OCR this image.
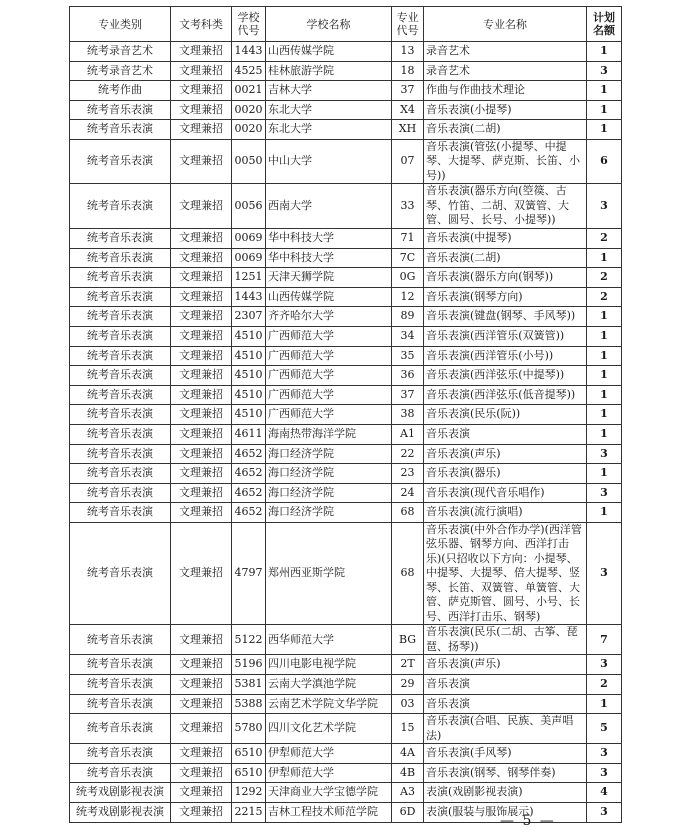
专业类别	文考科类	学校代号	学校名称	专业代号	专业名称	计划名额
统考录音艺术	文理兼招	1443	山西传媒学院	13	录音艺术	1
统考录音艺术	文理兼招	4525	桂林旅游学院	18	录音艺术	3
统考作曲	文理兼招	0021	吉林大学	37	作曲与作曲技术理论	1
统考音乐表演	文理兼招	0020	东北大学	X4	音乐表演(小提琴)	1
统考音乐表演	文理兼招	0020	东北大学	XH	音乐表演(二胡)	1
统考音乐表演	文理兼招	0050	中山大学	07	音乐表演(管弦(小提琴、中提琴、大提琴、萨克斯、长笛、小号))	6
统考音乐表演	文理兼招	0056	西南大学	33	音乐表演(器乐方向(箜篌、古琴、竹笛、二胡、双簧管、大管、圆号、长号、小提琴))	3
统考音乐表演	文理兼招	0069	华中科技大学	71	音乐表演(中提琴)	2
统考音乐表演	文理兼招	0069	华中科技大学	7C	音乐表演(二胡)	1
统考音乐表演	文理兼招	1251	天津天狮学院	0G	音乐表演(器乐方向(钢琴))	2
统考音乐表演	文理兼招	1443	山西传媒学院	12	音乐表演(钢琴方向)	2
统考音乐表演	文理兼招	2307	齐齐哈尔大学	89	音乐表演(键盘(钢琴、手风琴))	1
统考音乐表演	文理兼招	4510	广西师范大学	34	音乐表演(西洋管乐(双簧管))	1
统考音乐表演	文理兼招	4510	广西师范大学	35	音乐表演(西洋管乐(小号))	1
统考音乐表演	文理兼招	4510	广西师范大学	36	音乐表演(西洋弦乐(中提琴))	1
统考音乐表演	文理兼招	4510	广西师范大学	37	音乐表演(西洋弦乐(低音提琴))	1
统考音乐表演	文理兼招	4510	广西师范大学	38	音乐表演(民乐(阮))	1
统考音乐表演	文理兼招	4611	海南热带海洋学院	A1	音乐表演	1
统考音乐表演	文理兼招	4652	海口经济学院	22	音乐表演(声乐)	3
统考音乐表演	文理兼招	4652	海口经济学院	23	音乐表演(器乐)	1
统考音乐表演	文理兼招	4652	海口经济学院	24	音乐表演(现代音乐唱作)	3
统考音乐表演	文理兼招	4652	海口经济学院	68	音乐表演(流行演唱)	1
统考音乐表演	文理兼招	4797	郑州西亚斯学院	68	音乐表演(中外合作办学)(西洋管弦乐器、钢琴方向、西洋打击乐)(只招收以下方向：小提琴、中提琴、大提琴、倍大提琴、竖琴、长笛、双簧管、单簧管、大管、萨克斯管、圆号、小号、长号、西洋打击乐、钢琴)	3
统考音乐表演	文理兼招	5122	西华师范大学	BG	音乐表演(民乐(二胡、古筝、琵琶、扬琴))	7
统考音乐表演	文理兼招	5196	四川电影电视学院	2T	音乐表演(声乐)	3
统考音乐表演	文理兼招	5381	云南大学滇池学院	29	音乐表演	2
统考音乐表演	文理兼招	5388	云南艺术学院文华学院	03	音乐表演	1
统考音乐表演	文理兼招	5780	四川文化艺术学院	15	音乐表演(合唱、民族、美声唱法)	5
统考音乐表演	文理兼招	6510	伊犁师范大学	4A	音乐表演(手风琴)	3
统考音乐表演	文理兼招	6510	伊犁师范大学	4B	音乐表演(钢琴、钢琴伴奏)	3
统考戏剧影视表演	文理兼招	1292	天津商业大学宝德学院	A3	表演(戏剧影视表演)	4
统考戏剧影视表演	文理兼招	2215	吉林工程技术师范学院	6D	表演(服装与服饰展示)	3
— 5 —
